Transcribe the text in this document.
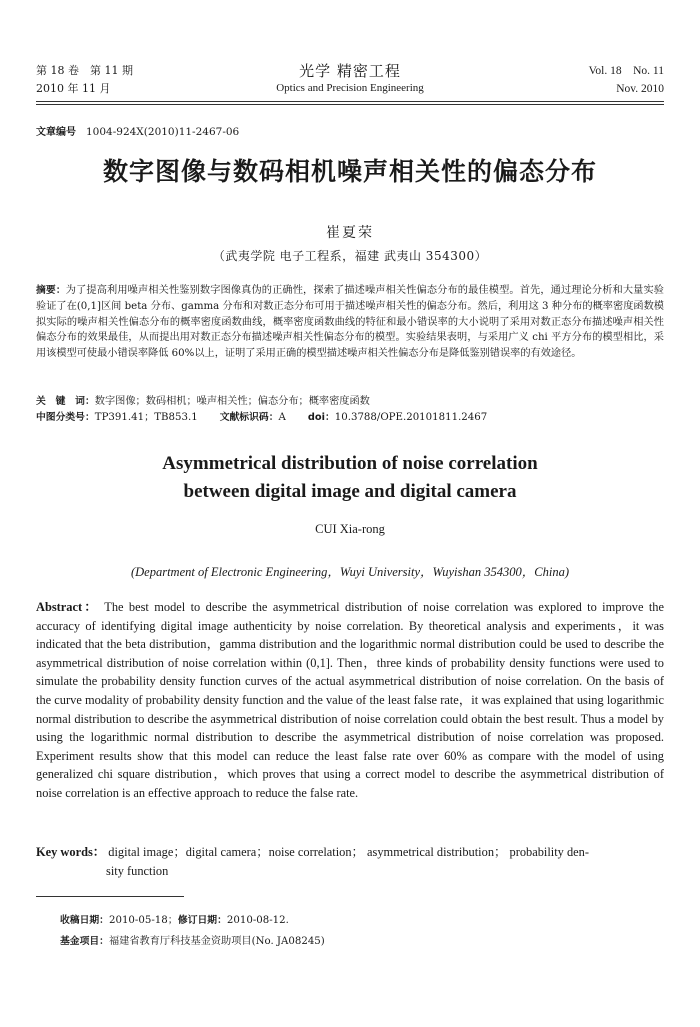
第 18 卷　第 11 期
2010 年 11 月
光学 精密工程
Optics and Precision Engineering
Vol. 18　No. 11
Nov. 2010
文章编号 1004-924X(2010)11-2467-06
数字图像与数码相机噪声相关性的偏态分布
崔夏荣
（武夷学院 电子工程系，福建 武夷山 354300）
摘要：为了提高利用噪声相关性鉴别数字图像真伪的正确性，探索了描述噪声相关性偏态分布的最佳模型。首先，通过理论分析和大量实验验证了在(0,1]区间 beta 分布、gamma 分布和对数正态分布可用于描述噪声相关性的偏态分布。然后，利用这 3 种分布的概率密度函数模拟实际的噪声相关性偏态分布的概率密度函数曲线，概率密度函数曲线的特征和最小错误率的大小说明了采用对数正态分布描述噪声相关性偏态分布的效果最佳，从而提出用对数正态分布描述噪声相关性偏态分布的模型。实验结果表明，与采用广义 chi 平方分布的模型相比，采用该模型可使最小错误率降低 60%以上，证明了采用正确的模型描述噪声相关性偏态分布是降低鉴别错误率的有效途径。
关　键　词：数字图像；数码相机；噪声相关性；偏态分布；概率密度函数
中图分类号：TP391.41；TB853.1 文献标识码：A doi：10.3788/OPE.20101811.2467
Asymmetrical distribution of noise correlation
between digital image and digital camera
CUI Xia-rong
(Department of Electronic Engineering，Wuyi University，Wuyishan 354300，China)
Abstract： The best model to describe the asymmetrical distribution of noise correlation was explored to improve the accuracy of identifying digital image authenticity by noise correlation. By theoretical analysis and experiments，it was indicated that the beta distribution，gamma distribution and the logarithmic normal distribution could be used to describe the asymmetrical distribution of noise correlation within (0,1]. Then，three kinds of probability density functions were used to simulate the probability density function curves of the actual asymmetrical distribution of noise correlation. On the basis of the curve modality of probability density function and the value of the least false rate，it was explained that using logarithmic normal distribution to describe the asymmetrical distribution of noise correlation could obtain the best result. Thus a model by using the logarithmic normal distribution to describe the asymmetrical distribution of noise correlation was proposed. Experiment results show that this model can reduce the least false rate over 60% as compare with the model of using generalized chi square distribution，which proves that using a correct model to describe the asymmetrical distribution of noise correlation is an effective approach to reduce the false rate.
Key words： digital image；digital camera；noise correlation； asymmetrical distribution； probability den-
sity function
收稿日期：2010-05-18；修订日期：2010-08-12.
基金项目：福建省教育厅科技基金资助项目(No. JA08245)
